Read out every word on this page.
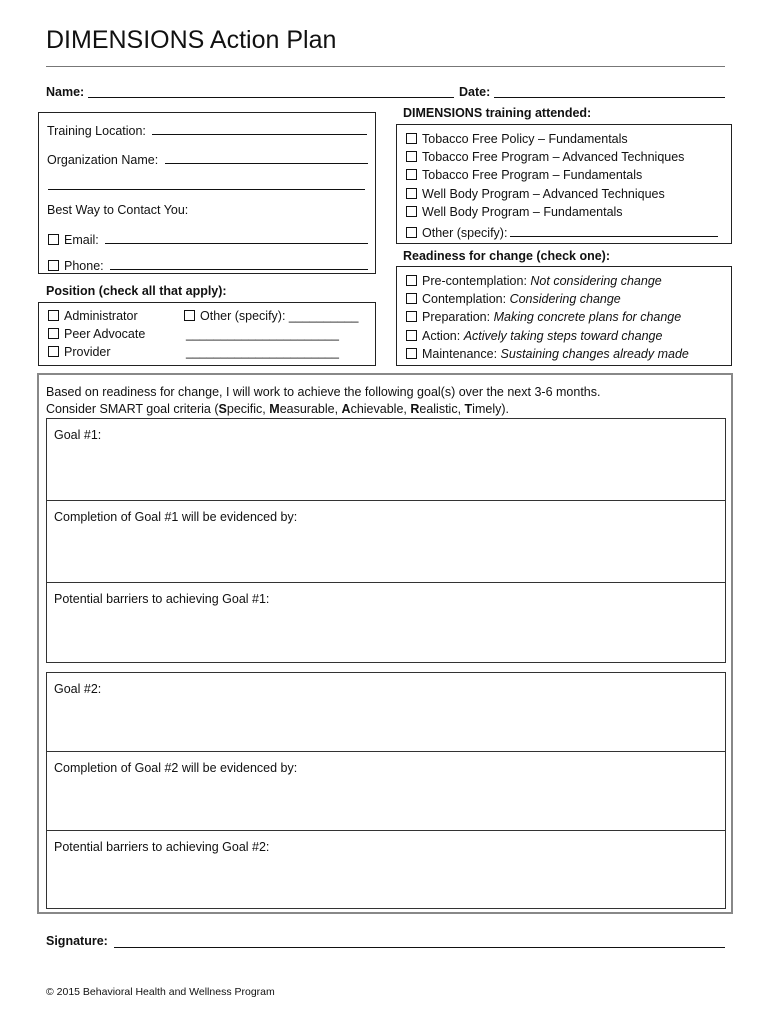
DIMENSIONS Action Plan
Name:	Date:
Training Location:
Organization Name:
Best Way to Contact You:
Email:
Phone:
Position (check all that apply):
Administrator
Peer Advocate
Provider
Other (specify): __________
______________________
______________________
DIMENSIONS training attended:
Tobacco Free Policy – Fundamentals
Tobacco Free Program – Advanced Techniques
Tobacco Free Program – Fundamentals
Well Body Program – Advanced Techniques
Well Body Program – Fundamentals
Other (specify):
Readiness for change (check one):
Pre-contemplation: Not considering change
Contemplation: Considering change
Preparation: Making concrete plans for change
Action: Actively taking steps toward change
Maintenance: Sustaining changes already made
Based on readiness for change, I will work to achieve the following goal(s) over the next 3-6 months.
Consider SMART goal criteria (Specific, Measurable, Achievable, Realistic, Timely).
Goal #1:
Completion of Goal #1 will be evidenced by:
Potential barriers to achieving Goal #1:
Goal #2:
Completion of Goal #2 will be evidenced by:
Potential barriers to achieving Goal #2:
Signature:
© 2015 Behavioral Health and Wellness Program
